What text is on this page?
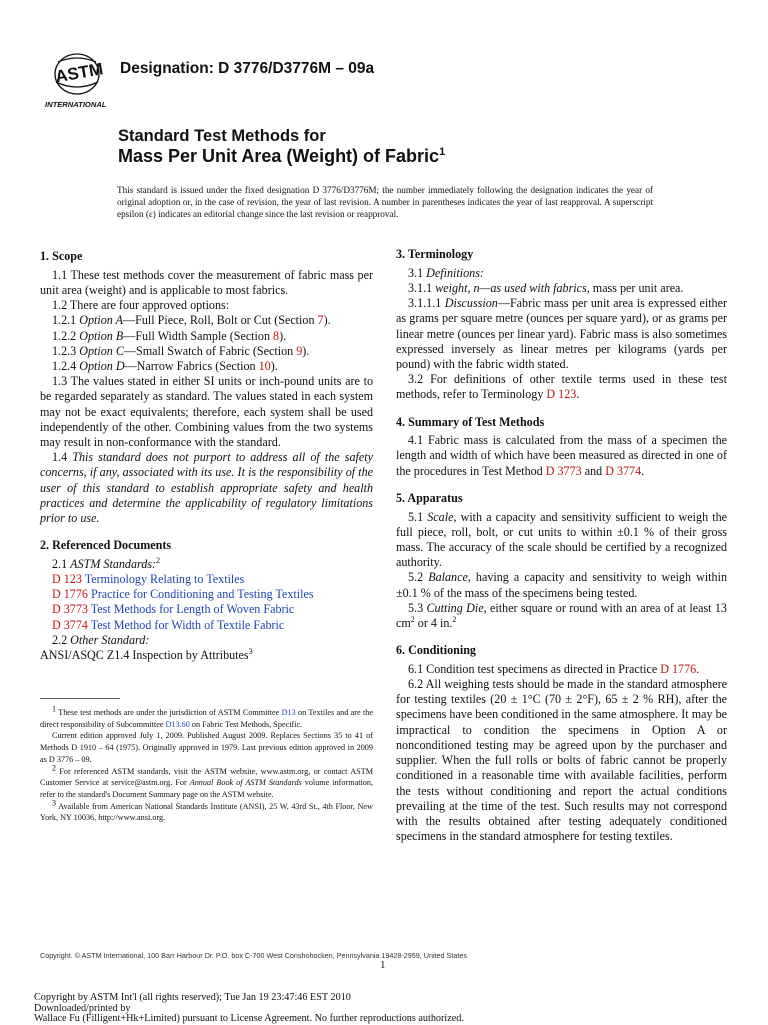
ASTM
INTERNATIONAL
Designation: D 3776/D3776M – 09a
Standard Test Methods for
Mass Per Unit Area (Weight) of Fabric$^1$
This standard is issued under the fixed designation D 3776/D3776M; the number immediately following the designation indicates the year of original adoption or, in the case of revision, the year of last revision. A number in parentheses indicates the year of last reapproval. A superscript epsilon (ε) indicates an editorial change since the last revision or reapproval.
1. Scope

1.1 These test methods cover the measurement of fabric mass per unit area (weight) and is applicable to most fabrics.

1.2 There are four approved options:

1.2.1 Option A—Full Piece, Roll, Bolt or Cut (Section 7).

1.2.2 Option B—Full Width Sample (Section 8).

1.2.3 Option C—Small Swatch of Fabric (Section 9).

1.2.4 Option D—Narrow Fabrics (Section 10).

1.3 The values stated in either SI units or inch-pound units are to be regarded separately as standard. The values stated in each system may not be exact equivalents; therefore, each system shall be used independently of the other. Combining values from the two systems may result in non-conformance with the standard.

1.4 This standard does not purport to address all of the safety concerns, if any, associated with its use. It is the responsibility of the user of this standard to establish appropriate safety and health practices and determine the applicability of regulatory limitations prior to use.

2. Referenced Documents

2.1 ASTM Standards:$^2$

D 123 Terminology Relating to Textiles
D 1776 Practice for Conditioning and Testing Textiles
D 3773 Test Methods for Length of Woven Fabric
D 3774 Test Method for Width of Textile Fabric

2.2 Other Standard:

ANSI/ASQC Z1.4 Inspection by Attributes$^3$

$^1$ These test methods are under the jurisdiction of ASTM Committee D13 on Textiles and are the direct responsibility of Subcommittee D13.60 on Fabric Test Methods, Specific.

Current edition approved July 1, 2009. Published August 2009. Replaces Sections 35 to 41 of Methods D 1910 – 64 (1975). Originally approved in 1979. Last previous edition approved in 2009 as D 3776 – 09.

$^2$ For referenced ASTM standards, visit the ASTM website, www.astm.org, or contact ASTM Customer Service at service@astm.org. For Annual Book of ASTM Standards volume information, refer to the standard's Document Summary page on the ASTM website.

$^3$ Available from American National Standards Institute (ANSI), 25 W. 43rd St., 4th Floor, New York, NY 10036, http://www.ansi.org.

3. Terminology

3.1 Definitions:

3.1.1 weight, n—as used with fabrics, mass per unit area.

3.1.1.1 Discussion—Fabric mass per unit area is expressed either as grams per square metre (ounces per square yard), or as grams per linear metre (ounces per linear yard). Fabric mass is also sometimes expressed inversely as linear metres per kilograms (yards per pound) with the fabric width stated.

3.2 For definitions of other textile terms used in these test methods, refer to Terminology D 123.

4. Summary of Test Methods

4.1 Fabric mass is calculated from the mass of a specimen the length and width of which have been measured as directed in one of the procedures in Test Method D 3773 and D 3774.

5. Apparatus

5.1 Scale, with a capacity and sensitivity sufficient to weigh the full piece, roll, bolt, or cut units to within ±0.1 % of their gross mass. The accuracy of the scale should be certified by a recognized authority.

5.2 Balance, having a capacity and sensitivity to weigh within ±0.1 % of the mass of the specimens being tested.

5.3 Cutting Die, either square or round with an area of at least 13 $cm^2$ or 4 in.$^2$

6. Conditioning

6.1 Condition test specimens as directed in Practice D 1776.

6.2 All weighing tests should be made in the standard atmosphere for testing textiles (20 ± 1°C (70 ± 2°F), 65 ± 2 % RH), after the specimens have been conditioned in the same atmosphere. It may be impractical to condition the specimens in Option A or nonconditioned testing may be agreed upon by the purchaser and supplier. When the full rolls or bolts of fabric cannot be properly conditioned in a reasonable time with available facilities, perform the tests without conditioning and report the actual conditions prevailing at the time of the test. Such results may not correspond with the results obtained after testing adequately conditioned specimens in the standard atmosphere for testing textiles.

Copyright. © ASTM International, 100 Barr Harbour Dr. P.O. box C-700 West Conshohocken, Pennsylvania 19428-2959, United States
1
Copyright by ASTM Int'l (all rights reserved); Tue Jan 19 23:47:46 EST 2010
Downloaded/printed by
Wallace Fu (Filligent+Hk+Limited) pursuant to License Agreement. No further reproductions authorized.
